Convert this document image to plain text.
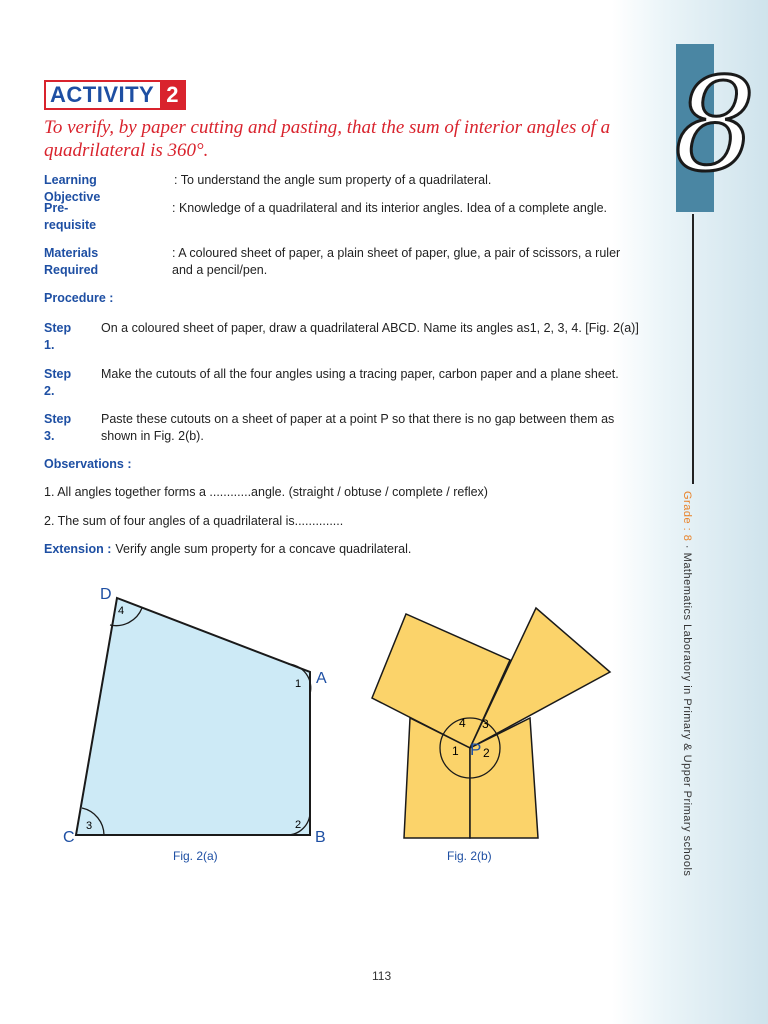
8
Grade : 8 · Mathematics Laboratory in Primary & Upper Primary schools
ACTIVITY 2
To verify, by paper cutting and pasting, that the sum of interior angles of a quadrilateral is 360°.
Learning Objective
: To understand the angle sum property of a quadrilateral.
Pre-requisite
: Knowledge of a quadrilateral and its interior angles. Idea of a complete angle.
Materials Required
: A coloured sheet of paper, a plain sheet of paper, glue, a pair of scissors, a ruler and a pencil/pen.
Procedure :
Step 1.
On a coloured sheet of paper, draw a quadrilateral ABCD. Name its angles as1, 2, 3, 4. [Fig. 2(a)]
Step 2.
Make the cutouts of all the four angles using a tracing paper, carbon paper and a plane sheet.
Step 3.
Paste these cutouts on a sheet of paper at a point P so that there is no gap between them as shown in Fig. 2(b).
Observations :
1. All angles together forms a ............angle. (straight / obtuse / complete / reflex)
2. The sum of four angles of a quadrilateral is..............
Extension : Verify angle sum property for a concave quadrilateral.
D
A
B
C
4
1
2
3
Fig. 2(a)
4 3
1 2
P
Fig. 2(b)
113
